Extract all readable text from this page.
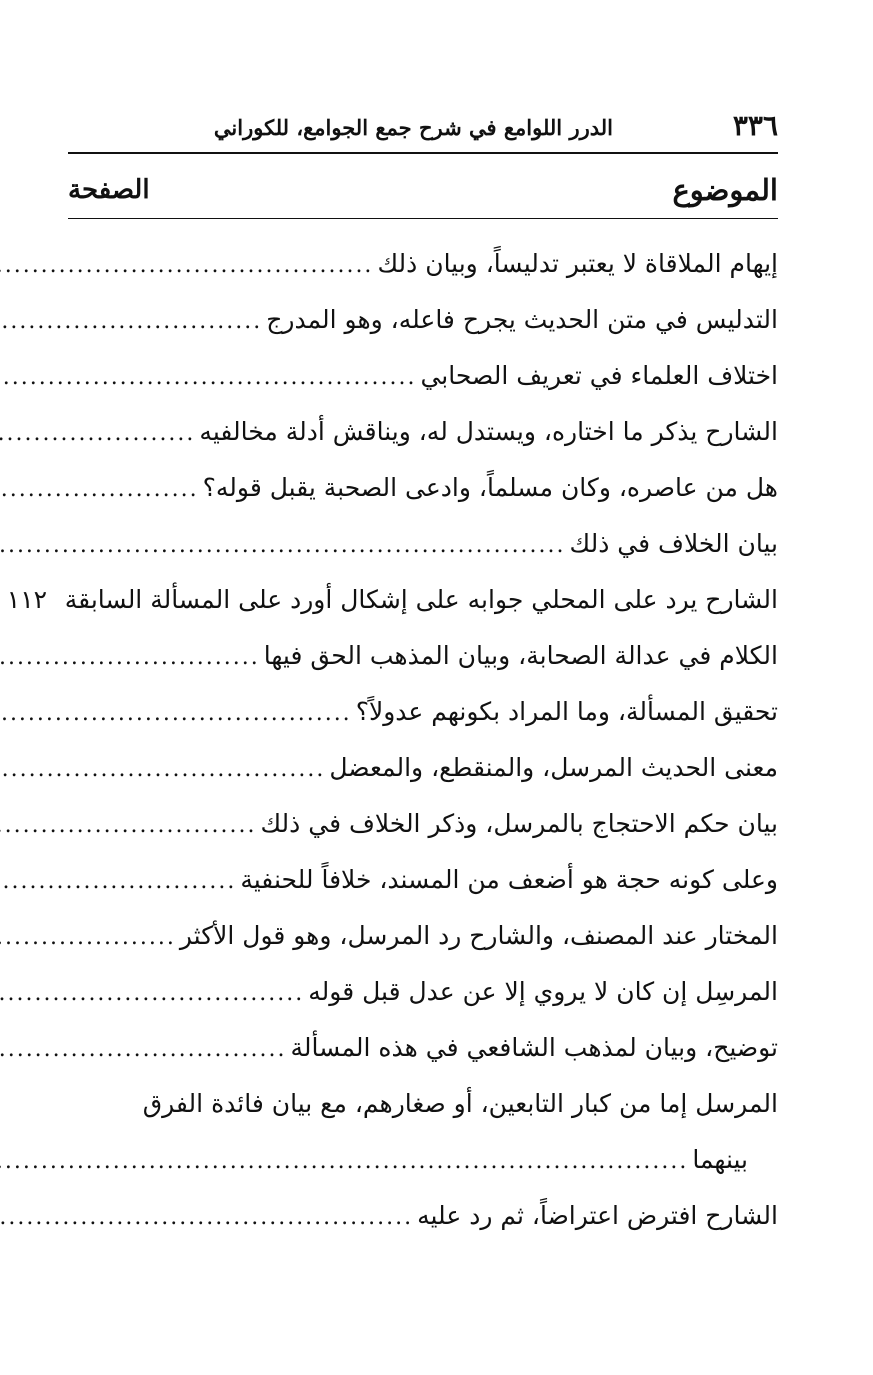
٣٣٦
الدرر اللوامع في شرح جمع الجوامع، للكوراني
الموضوع
الصفحة
إيهام الملاقاة لا يعتبر تدليساً، وبيان ذلك
.....
التدليس في متن الحديث يجرح فاعله، وهو المدرج
.....
اختلاف العلماء في تعريف الصحابي
.....
الشارح يذكر ما اختاره، ويستدل له، ويناقش أدلة مخالفيه
.....
هل من عاصره، وكان مسلماً، وادعى الصحبة يقبل قوله؟
.....
بيان الخلاف في ذلك
.....
الشارح يرد على المحلي جوابه على إشكال أورد على المسألة السابقة
١١٢
الكلام في عدالة الصحابة، وبيان المذهب الحق فيها
.....
تحقيق المسألة، وما المراد بكونهم عدولاً؟
.....
معنى الحديث المرسل، والمنقطع، والمعضل
.....
بيان حكم الاحتجاج بالمرسل، وذكر الخلاف في ذلك
.....
وعلى كونه حجة هو أضعف من المسند، خلافاً للحنفية
.....
المختار عند المصنف، والشارح رد المرسل، وهو قول الأكثر
.....
المرسِل إن كان لا يروي إلا عن عدل قبل قوله
.....
توضيح، وبيان لمذهب الشافعي في هذه المسألة
.....
المرسل إما من كبار التابعين، أو صغارهم، مع بيان فائدة الفرق
بينهما
.....
الشارح افترض اعتراضاً، ثم رد عليه
.....
